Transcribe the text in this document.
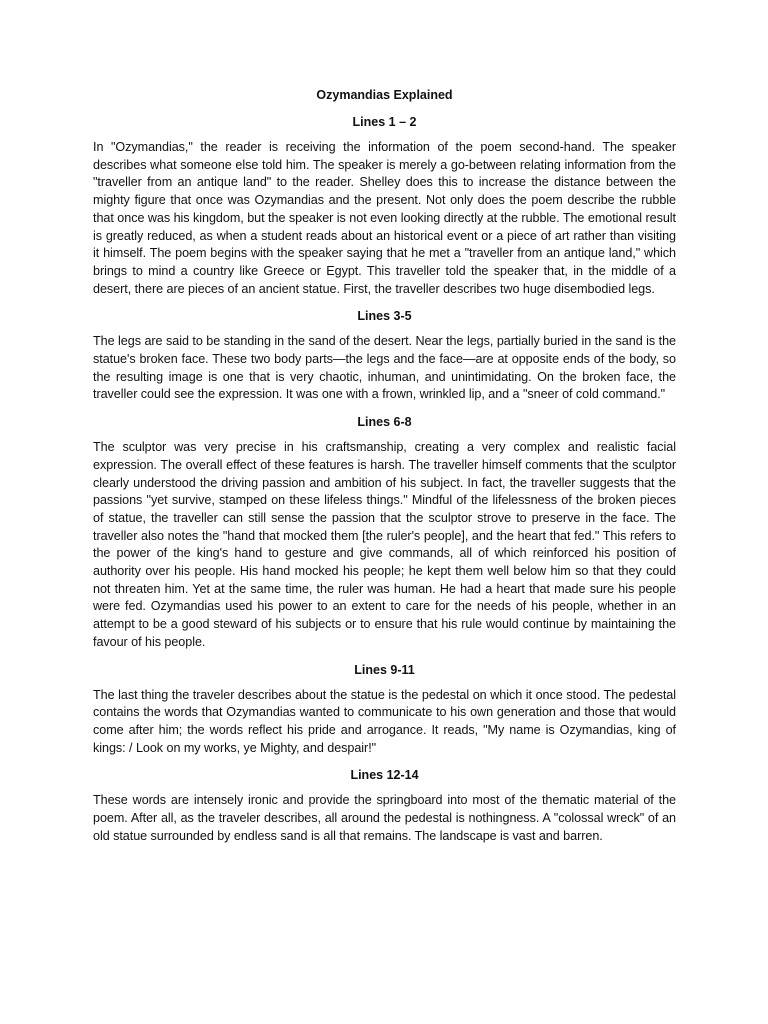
Ozymandias Explained
Lines 1 – 2

In "Ozymandias," the reader is receiving the information of the poem second-hand. The speaker describes what someone else told him. The speaker is merely a go-between relating information from the "traveller from an antique land" to the reader. Shelley does this to increase the distance between the mighty figure that once was Ozymandias and the present. Not only does the poem describe the rubble that once was his kingdom, but the speaker is not even looking directly at the rubble. The emotional result is greatly reduced, as when a student reads about an historical event or a piece of art rather than visiting it himself. The poem begins with the speaker saying that he met a "traveller from an antique land," which brings to mind a country like Greece or Egypt. This traveller told the speaker that, in the middle of a desert, there are pieces of an ancient statue. First, the traveller describes two huge disembodied legs.

Lines 3-5

The legs are said to be standing in the sand of the desert. Near the legs, partially buried in the sand is the statue's broken face. These two body parts—the legs and the face—are at opposite ends of the body, so the resulting image is one that is very chaotic, inhuman, and unintimidating. On the broken face, the traveller could see the expression. It was one with a frown, wrinkled lip, and a "sneer of cold command."

Lines 6-8

The sculptor was very precise in his craftsmanship, creating a very complex and realistic facial expression. The overall effect of these features is harsh. The traveller himself comments that the sculptor clearly understood the driving passion and ambition of his subject. In fact, the traveller suggests that the passions "yet survive, stamped on these lifeless things." Mindful of the lifelessness of the broken pieces of statue, the traveller can still sense the passion that the sculptor strove to preserve in the face. The traveller also notes the "hand that mocked them [the ruler's people], and the heart that fed." This refers to the power of the king's hand to gesture and give commands, all of which reinforced his position of authority over his people. His hand mocked his people; he kept them well below him so that they could not threaten him. Yet at the same time, the ruler was human. He had a heart that made sure his people were fed. Ozymandias used his power to an extent to care for the needs of his people, whether in an attempt to be a good steward of his subjects or to ensure that his rule would continue by maintaining the favour of his people.

Lines 9-11

The last thing the traveler describes about the statue is the pedestal on which it once stood. The pedestal contains the words that Ozymandias wanted to communicate to his own generation and those that would come after him; the words reflect his pride and arrogance. It reads, "My name is Ozymandias, king of kings: / Look on my works, ye Mighty, and despair!"

Lines 12-14

These words are intensely ironic and provide the springboard into most of the thematic material of the poem. After all, as the traveler describes, all around the pedestal is nothingness. A "colossal wreck" of an old statue surrounded by endless sand is all that remains. The landscape is vast and barren.
